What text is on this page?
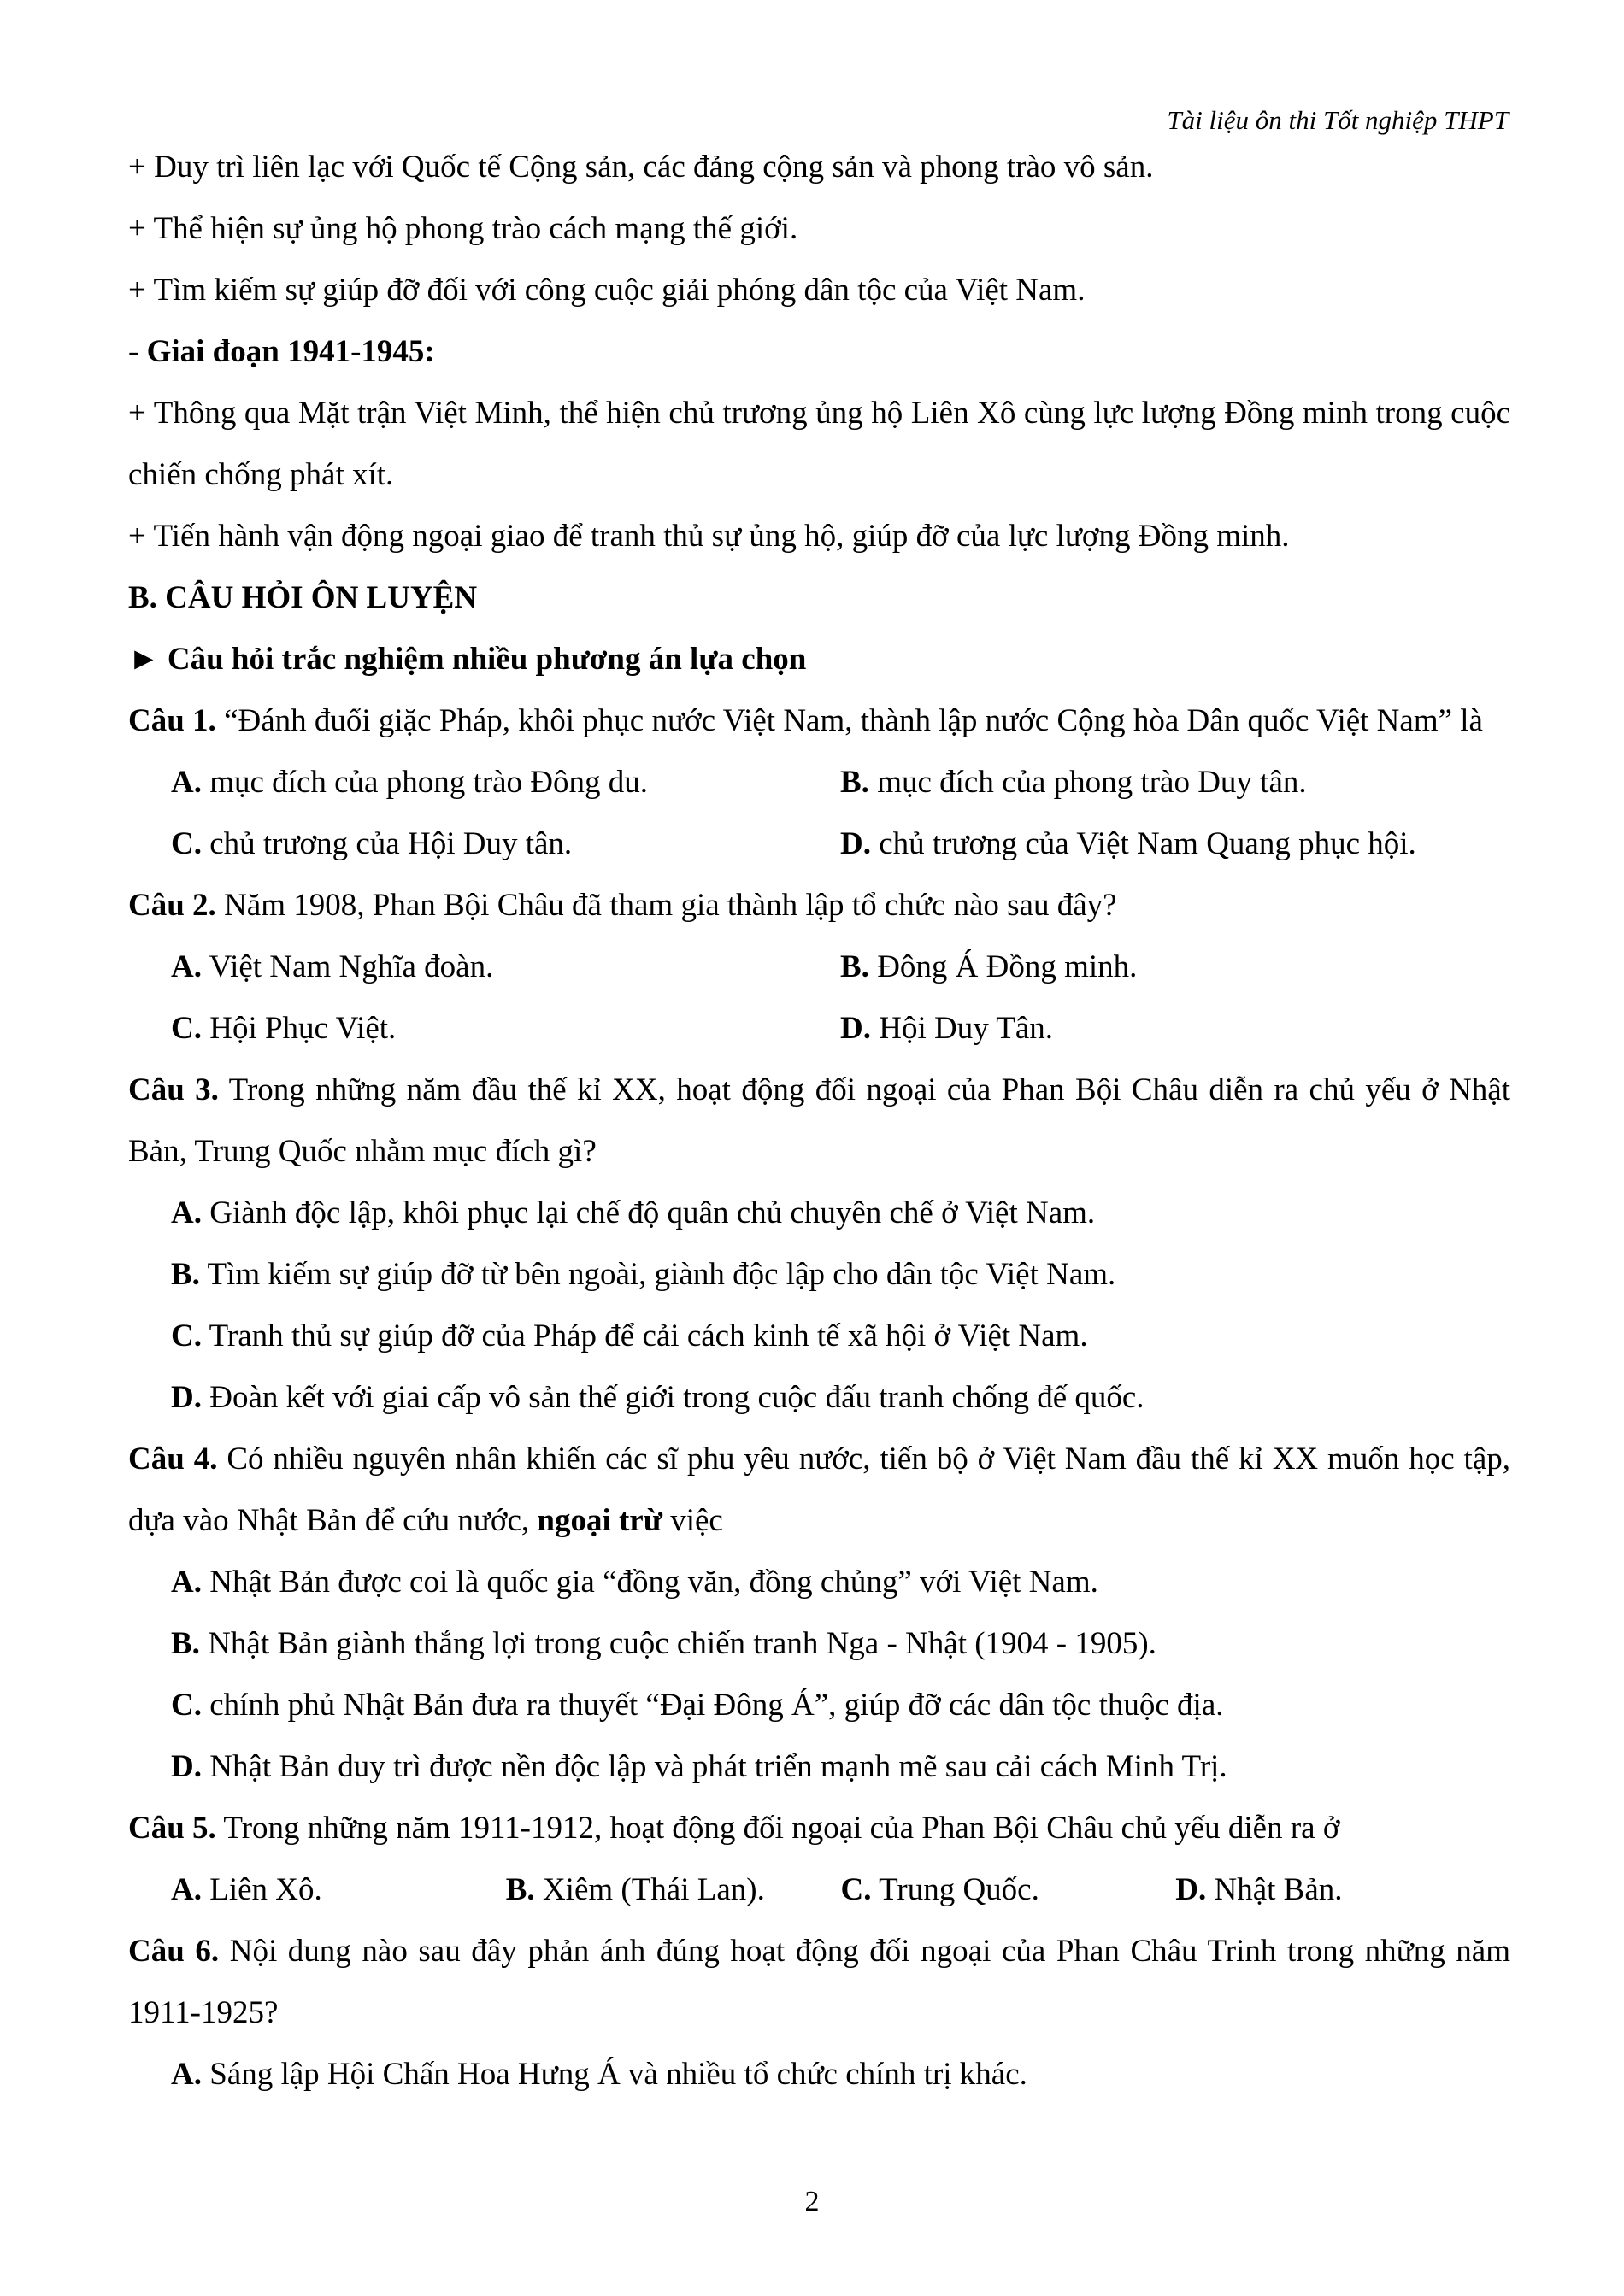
Tài liệu ôn thi Tốt nghiệp THPT

+ Duy trì liên lạc với Quốc tế Cộng sản, các đảng cộng sản và phong trào vô sản.

+ Thể hiện sự ủng hộ phong trào cách mạng thế giới.

+ Tìm kiếm sự giúp đỡ đối với công cuộc giải phóng dân tộc của Việt Nam.

- Giai đoạn 1941-1945:

+ Thông qua Mặt trận Việt Minh, thể hiện chủ trương ủng hộ Liên Xô cùng lực lượng Đồng minh trong cuộc chiến chống phát xít.

+ Tiến hành vận động ngoại giao để tranh thủ sự ủng hộ, giúp đỡ của lực lượng Đồng minh.

B. CÂU HỎI ÔN LUYỆN

► Câu hỏi trắc nghiệm nhiều phương án lựa chọn

Câu 1. “Đánh đuổi giặc Pháp, khôi phục nước Việt Nam, thành lập nước Cộng hòa Dân quốc Việt Nam” là

A. mục đích của phong trào Đông du.	B. mục đích của phong trào Duy tân.
C. chủ trương của Hội Duy tân.	D. chủ trương của Việt Nam Quang phục hội.

Câu 2. Năm 1908, Phan Bội Châu đã tham gia thành lập tổ chức nào sau đây?

A. Việt Nam Nghĩa đoàn.	B. Đông Á Đồng minh.
C. Hội Phục Việt.	D. Hội Duy Tân.

Câu 3. Trong những năm đầu thế kỉ XX, hoạt động đối ngoại của Phan Bội Châu diễn ra chủ yếu ở Nhật Bản, Trung Quốc nhằm mục đích gì?

A. Giành độc lập, khôi phục lại chế độ quân chủ chuyên chế ở Việt Nam.
B. Tìm kiếm sự giúp đỡ từ bên ngoài, giành độc lập cho dân tộc Việt Nam.
C. Tranh thủ sự giúp đỡ của Pháp để cải cách kinh tế xã hội ở Việt Nam.
D. Đoàn kết với giai cấp vô sản thế giới trong cuộc đấu tranh chống đế quốc.

Câu 4. Có nhiều nguyên nhân khiến các sĩ phu yêu nước, tiến bộ ở Việt Nam đầu thế kỉ XX muốn học tập, dựa vào Nhật Bản để cứu nước, ngoại trừ việc

A. Nhật Bản được coi là quốc gia “đồng văn, đồng chủng” với Việt Nam.
B. Nhật Bản giành thắng lợi trong cuộc chiến tranh Nga - Nhật (1904 - 1905).
C. chính phủ Nhật Bản đưa ra thuyết “Đại Đông Á”, giúp đỡ các dân tộc thuộc địa.
D. Nhật Bản duy trì được nền độc lập và phát triển mạnh mẽ sau cải cách Minh Trị.

Câu 5. Trong những năm 1911-1912, hoạt động đối ngoại của Phan Bội Châu chủ yếu diễn ra ở

A. Liên Xô.	B. Xiêm (Thái Lan).	C. Trung Quốc.	D. Nhật Bản.

Câu 6. Nội dung nào sau đây phản ánh đúng hoạt động đối ngoại của Phan Châu Trinh trong những năm 1911-1925?

A. Sáng lập Hội Chấn Hoa Hưng Á và nhiều tổ chức chính trị khác.
2
